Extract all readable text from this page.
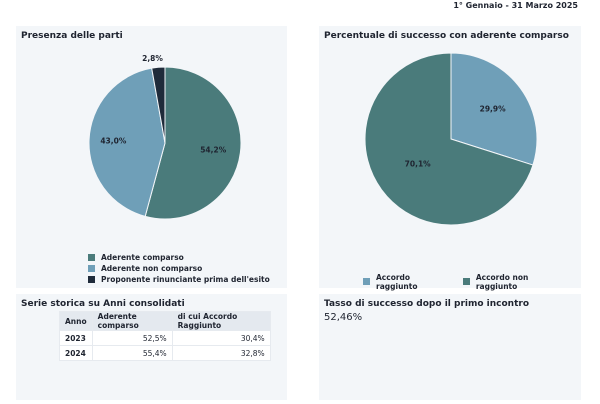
1° Gennaio - 31 Marzo 2025
Presenza delle parti
54,2%
43,0%
2,8%
Aderente comparso
Aderente non comparso
Proponente rinunciante prima dell'esito
Percentuale di successo con aderente comparso
29,9%
70,1%
Accordo raggiunto
Accordo non raggiunto
Serie storica su Anni consolidati
Anno	Aderente comparso	di cui Accordo Raggiunto
2023	52,5%	30,4%
2024	55,4%	32,8%
Tasso di successo dopo il primo incontro
52,46%
